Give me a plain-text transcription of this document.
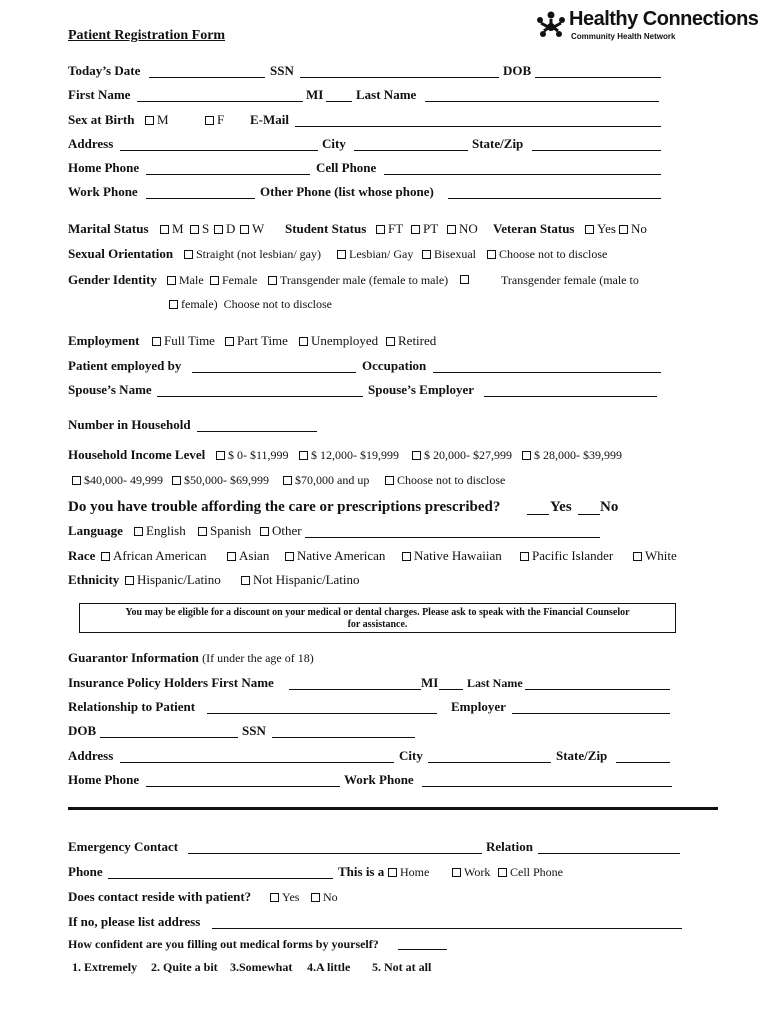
Patient Registration Form
Healthy Connections
Community Health Network
Today’s Date	SSN	DOB
First Name	MI	Last Name
Sex at Birth	M	F E-Mail
Address	City	State/Zip
Home Phone	Cell Phone
Work Phone	Other Phone (list whose phone)
Marital Status	M	S	D	W Student Status	FT	PT	NO Veteran Status	Yes	No
Sexual Orientation	Straight (not lesbian/ gay)	Lesbian/ Gay	Bisexual	Choose not to disclose
Gender Identity	Male	Female	Transgender male (female to male)	Transgender female (male to
female) Choose not to disclose
Employment	Full Time	Part Time	Unemployed	Retired
Patient employed by	Occupation
Spouse’s Name	Spouse’s Employer
Number in Household
Household Income Level	$ 0- $11,999	$ 12,000- $19,999	$ 20,000- $27,999	$ 28,000- $39,999
$40,000- 49,999	$50,000- $69,999	$70,000 and up	Choose not to disclose
Do you have trouble affording the care or prescriptions prescribed?	Yes No
Language	English	Spanish	Other
Race	African American	Asian	Native American	Native Hawaiian	Pacific Islander	White
Ethnicity	Hispanic/Latino	Not Hispanic/Latino
You may be eligible for a discount on your medical or dental charges. Please ask to speak with the Financial Counselor
for assistance.
Guarantor Information (If under the age of 18)
Insurance Policy Holders First Name	MI Last Name
Relationship to Patient	Employer
DOB	SSN
Address	City	State/Zip
Home Phone	Work Phone
Emergency Contact	Relation
Phone	This is a	Home	Work	Cell Phone
Does contact reside with patient?	Yes	No
If no, please list address
How confident are you filling out medical forms by yourself?
1. Extremely 2. Quite a bit 3.Somewhat 4.A little 5. Not at all
